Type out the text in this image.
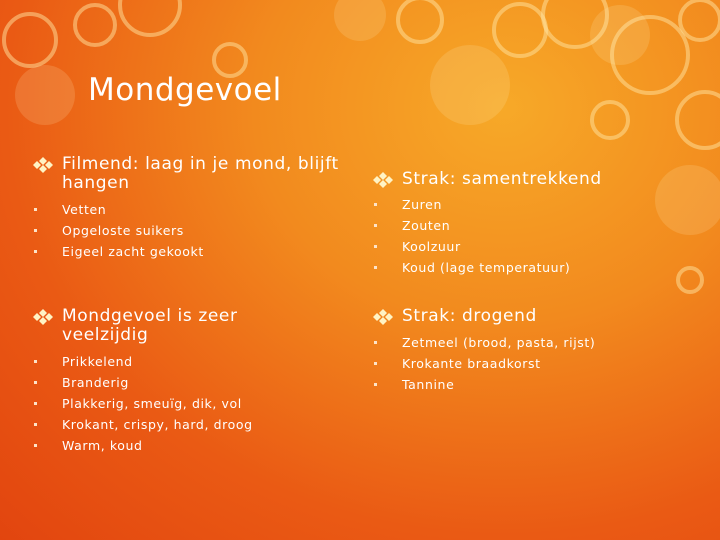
Mondgevoel
Filmend: laag in je mond, blijft hangen
Vetten
Opgeloste suikers
Eigeel zacht gekookt
Mondgevoel is zeer veelzijdig
Prikkelend
Branderig
Plakkerig, smeuïg, dik, vol
Krokant, crispy, hard, droog
Warm, koud
Strak: samentrekkend
Zuren
Zouten
Koolzuur
Koud (lage temperatuur)
Strak: drogend
Zetmeel (brood, pasta, rijst)
Krokante braadkorst
Tannine
